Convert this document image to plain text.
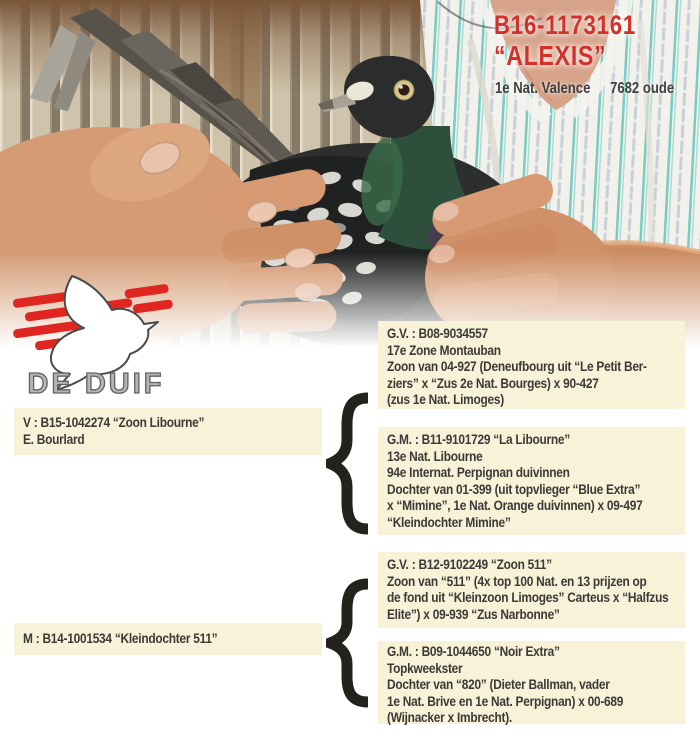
B16-1173161
“ALEXIS”
1e Nat. Valence 7682 oude
DE DUIF
G.V. : B08-9034557
17e Zone Montauban
Zoon van 04-927 (Deneufbourg uit “Le Petit Ber-
ziers” x “Zus 2e Nat. Bourges) x 90-427
(zus 1e Nat. Limoges)
V : B15-1042274 “Zoon Libourne”
E. Bourlard	G.M. : B11-9101729 “La Libourne”
13e Nat. Libourne
94e Internat. Perpignan duivinnen
Dochter van 01-399 (uit topvlieger “Blue Extra”
x “Mimine”, 1e Nat. Orange duivinnen) x 09-497
“Kleindochter Mimine”
G.V. : B12-9102249 “Zoon 511”
Zoon van “511” (4x top 100 Nat. en 13 prijzen op
de fond uit “Kleinzoon Limoges” Carteus x “Halfzus
Elite”) x 09-939 “Zus Narbonne”
M : B14-1001534 “Kleindochter 511”
G.M. : B09-1044650 “Noir Extra”
Topkweekster
Dochter van “820” (Dieter Ballman, vader
1e Nat. Brive en 1e Nat. Perpignan) x 00-689
(Wijnacker x Imbrecht).
